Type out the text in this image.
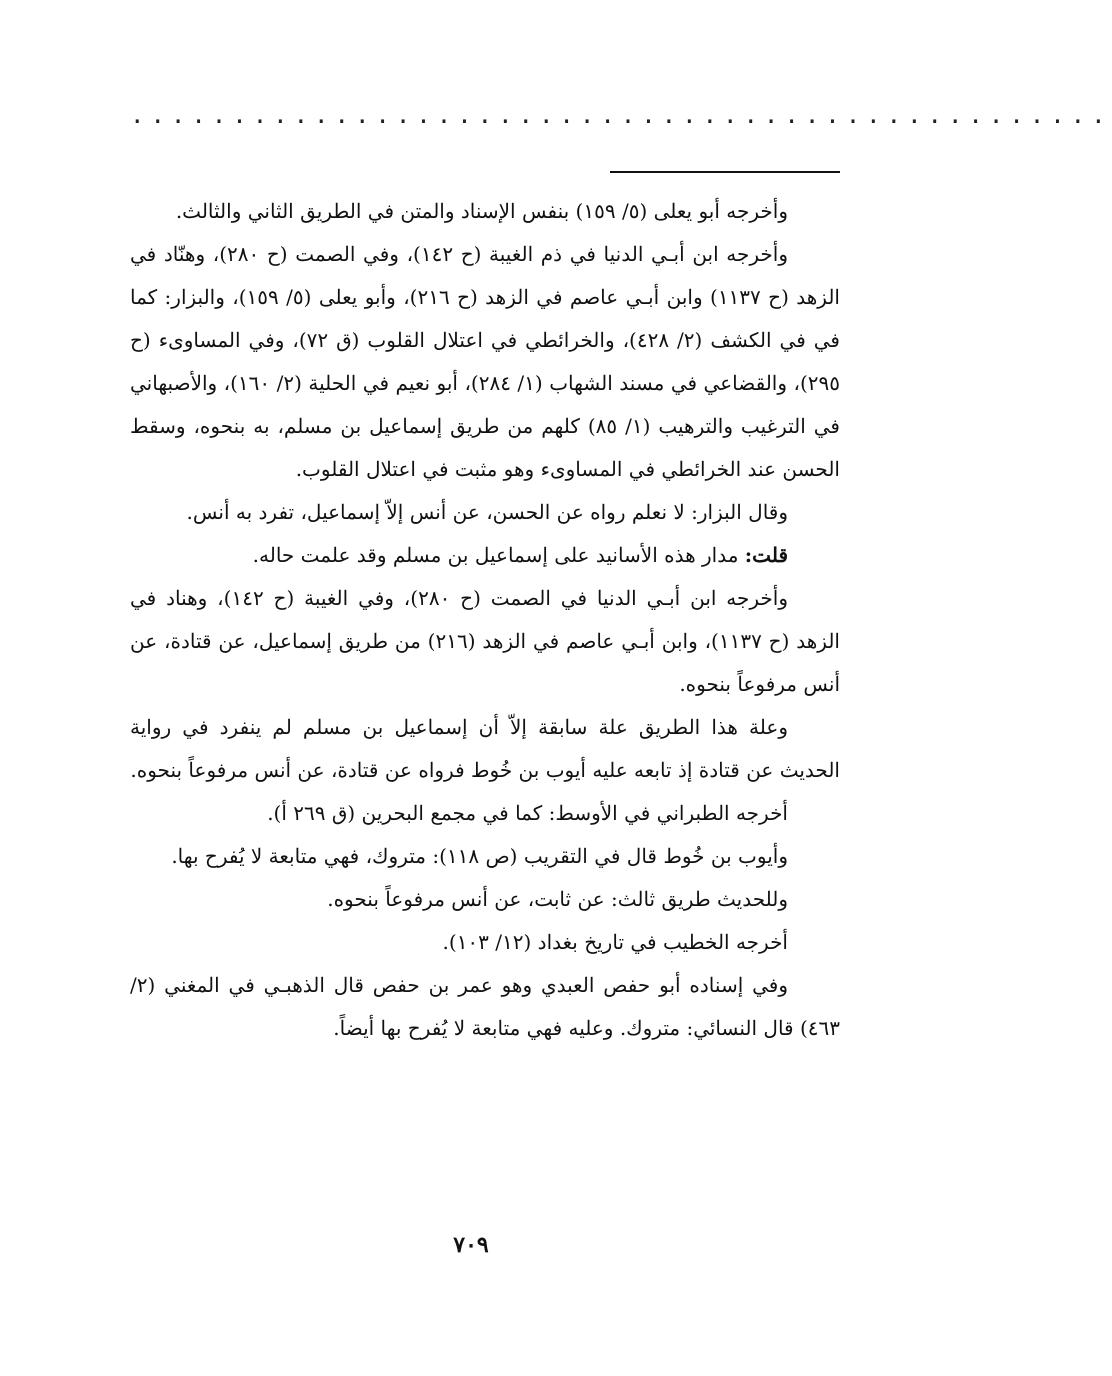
................................................

وأخرجه أبو يعلى (٥/ ١٥٩) بنفس الإسناد والمتن في الطريق الثاني والثالث.

وأخرجه ابن أبـي الدنيا في ذم الغيبة (ح ١٤٢)، وفي الصمت (ح ٢٨٠)، وهنّاد في الزهد (ح ١١٣٧) وابن أبـي عاصم في الزهد (ح ٢١٦)، وأبو يعلى (٥/ ١٥٩)، والبزار: كما في في الكشف (٢/ ٤٢٨)، والخرائطي في اعتلال القلوب (ق ٧٢)، وفي المساوىء (ح ٢٩٥)، والقضاعي في مسند الشهاب (١/ ٢٨٤)، أبو نعيم في الحلية (٢/ ١٦٠)، والأصبهاني في الترغيب والترهيب (١/ ٨٥) كلهم من طريق إسماعيل بن مسلم، به بنحوه، وسقط الحسن عند الخرائطي في المساوىء وهو مثبت في اعتلال القلوب.

وقال البزار: لا نعلم رواه عن الحسن، عن أنس إلاّ إسماعيل، تفرد به أنس.

قلت: مدار هذه الأسانيد على إسماعيل بن مسلم وقد علمت حاله.

وأخرجه ابن أبـي الدنيا في الصمت (ح ٢٨٠)، وفي الغيبة (ح ١٤٢)، وهناد في الزهد (ح ١١٣٧)، وابن أبـي عاصم في الزهد (٢١٦) من طريق إسماعيل، عن قتادة، عن أنس مرفوعاً بنحوه.

وعلة هذا الطريق علة سابقة إلاّ أن إسماعيل بن مسلم لم ينفرد في رواية الحديث عن قتادة إذ تابعه عليه أيوب بن خُوط فرواه عن قتادة، عن أنس مرفوعاً بنحوه.

أخرجه الطبراني في الأوسط: كما في مجمع البحرين (ق ٢٦٩ أ).

وأيوب بن خُوط قال في التقريب (ص ١١٨): متروك، فهي متابعة لا يُفرح بها.

وللحديث طريق ثالث: عن ثابت، عن أنس مرفوعاً بنحوه.

أخرجه الخطيب في تاريخ بغداد (١٢/ ١٠٣).

وفي إسناده أبو حفص العبدي وهو عمر بن حفص قال الذهبـي في المغني (٢/ ٤٦٣) قال النسائي: متروك. وعليه فهي متابعة لا يُفرح بها أيضاً.

٧٠٩
